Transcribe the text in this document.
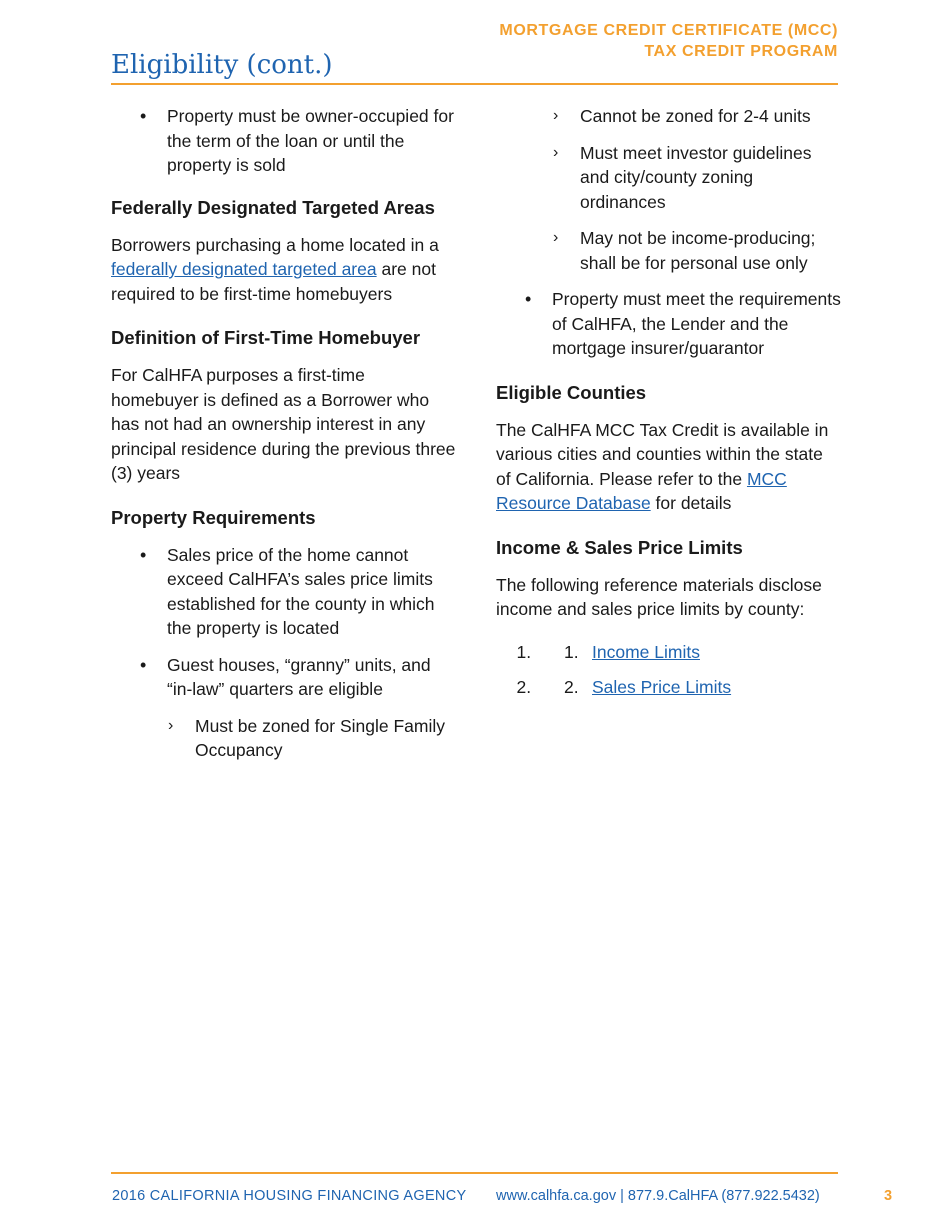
MORTGAGE CREDIT CERTIFICATE (MCC)
TAX CREDIT PROGRAM
Eligibility (cont.)
• Property must be owner-occupied for the term of the loan or until the property is sold
Federally Designated Targeted Areas

Borrowers purchasing a home located in a federally designated targeted area are not required to be first-time homebuyers

Definition of First-Time Homebuyer

For CalHFA purposes a first-time homebuyer is defined as a Borrower who has not had an ownership interest in any principal residence during the previous three (3) years

Property Requirements
• Sales price of the home cannot exceed CalHFA’s sales price limits established for the county in which the property is located
• Guest houses, “granny” units, and “in-law” quarters are eligible
› Must be zoned for Single Family Occupancy
› Cannot be zoned for 2-4 units
› Must meet investor guidelines and city/county zoning ordinances
› May not be income-producing; shall be for personal use only
• Property must meet the requirements of CalHFA, the Lender and the mortgage insurer/guarantor
Eligible Counties

The CalHFA MCC Tax Credit is available in various cities and counties within the state of California. Please refer to the MCC Resource Database for details

Income & Sales Price Limits

The following reference materials disclose income and sales price limits by county:

1. 1. Income Limits
2. 2. Sales Price Limits
2016 CALIFORNIA HOUSING FINANCING AGENCY www.calhfa.ca.gov | 877.9.CalHFA (877.922.5432)	3
